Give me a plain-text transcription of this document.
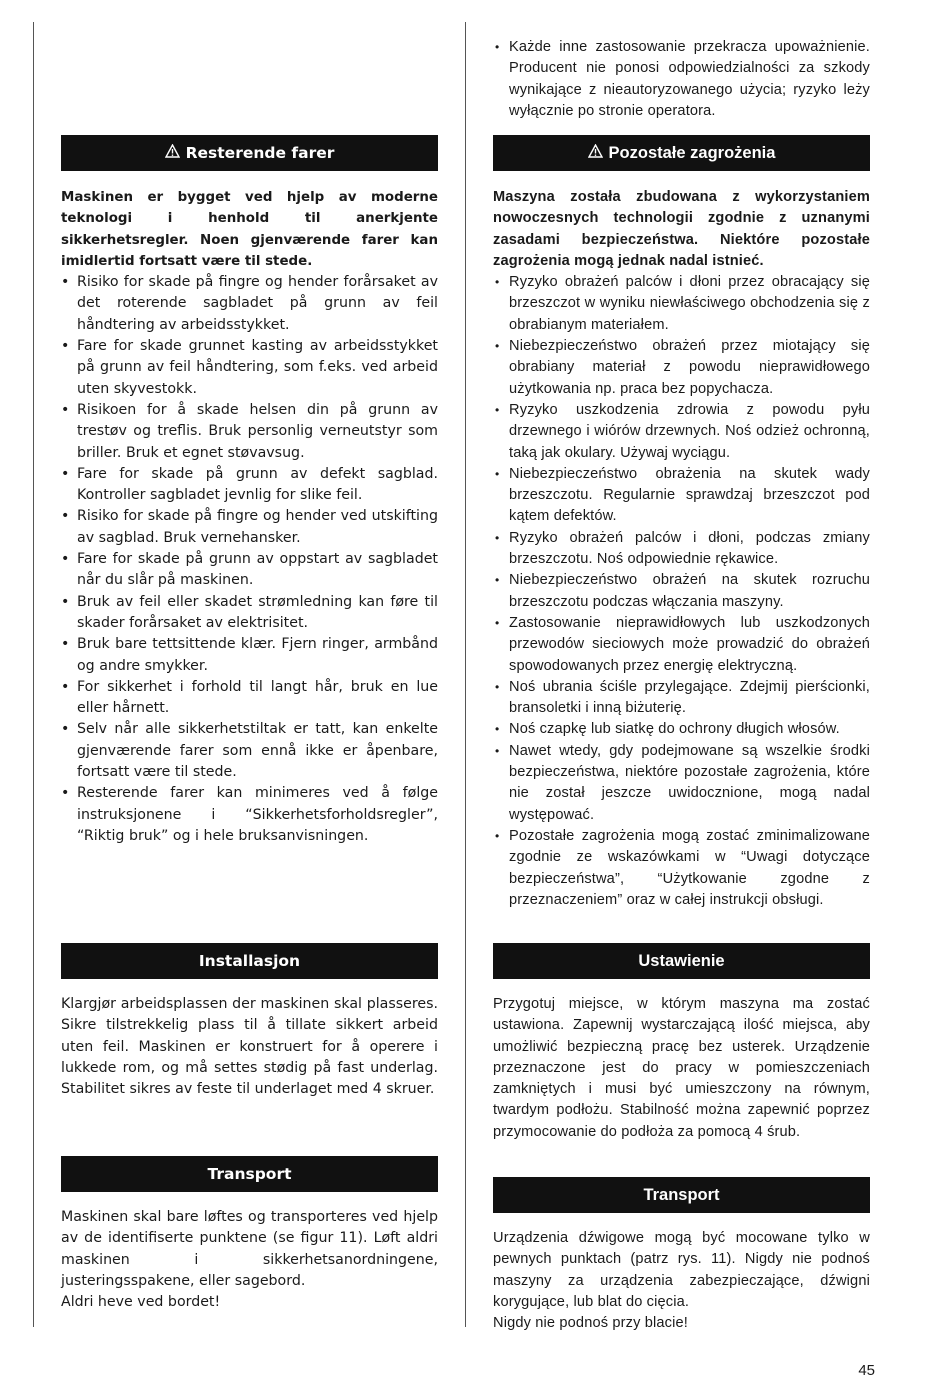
Resterende farer
Maskinen er bygget ved hjelp av moderne teknologi i henhold til anerkjente sikkerhetsregler. Noen gjenværende farer kan imidlertid fortsatt være til stede.
• Risiko for skade på fingre og hender forårsaket av det roterende sagbladet på grunn av feil håndtering av arbeidsstykket.
• Fare for skade grunnet kasting av arbeidsstykket på grunn av feil håndtering, som f.eks. ved arbeid uten skyvestokk.
• Risikoen for å skade helsen din på grunn av trestøv og treflis. Bruk personlig verneutstyr som briller. Bruk et egnet støvavsug.
• Fare for skade på grunn av defekt sagblad. Kontroller sagbladet jevnlig for slike feil.
• Risiko for skade på fingre og hender ved utskifting av sagblad. Bruk vernehansker.
• Fare for skade på grunn av oppstart av sagbladet når du slår på maskinen.
• Bruk av feil eller skadet strømledning kan føre til skader forårsaket av elektrisitet.
• Bruk bare tettsittende klær. Fjern ringer, armbånd og andre smykker.
• For sikkerhet i forhold til langt hår, bruk en lue eller hårnett.
• Selv når alle sikkerhetstiltak er tatt, kan enkelte gjenværende farer som ennå ikke er åpenbare, fortsatt være til stede.
• Resterende farer kan minimeres ved å følge instruksjonene i “Sikkerhetsforholdsregler”, “Riktig bruk” og i hele bruksanvisningen.
Installasjon
Klargjør arbeidsplassen der maskinen skal plasseres. Sikre tilstrekkelig plass til å tillate sikkert arbeid uten feil. Maskinen er konstruert for å operere i lukkede rom, og må settes stødig på fast underlag. Stabilitet sikres av feste til underlaget med 4 skruer.
Transport
Maskinen skal bare løftes og transporteres ved hjelp av de identifiserte punktene (se figur 11). Løft aldri maskinen i sikkerhetsanordningene, justeringsspakene, eller sagebord.
Aldri heve ved bordet!
• Każde inne zastosowanie przekracza upoważnienie. Producent nie ponosi odpowiedzialności za szkody wynikające z nieautoryzowanego użycia; ryzyko leży wyłącznie po stronie operatora.
Pozostałe zagrożenia
Maszyna została zbudowana z wykorzystaniem nowoczesnych technologii zgodnie z uznanymi zasadami bezpieczeństwa. Niektóre pozostałe zagrożenia mogą jednak nadal istnieć.
• Ryzyko obrażeń palców i dłoni przez obracający się brzeszczot w wyniku niewłaściwego obchodzenia się z obrabianym materiałem.
• Niebezpieczeństwo obrażeń przez miotający się obrabiany materiał z powodu nieprawidłowego użytkowania np. praca bez popychacza.
• Ryzyko uszkodzenia zdrowia z powodu pyłu drzewnego i wiórów drzewnych. Noś odzież ochronną, taką jak okulary. Używaj wyciągu.
• Niebezpieczeństwo obrażenia na skutek wady brzeszczotu. Regularnie sprawdzaj brzeszczot pod kątem defektów.
• Ryzyko obrażeń palców i dłoni, podczas zmiany brzeszczotu. Noś odpowiednie rękawice.
• Niebezpieczeństwo obrażeń na skutek rozruchu brzeszczotu podczas włączania maszyny.
• Zastosowanie nieprawidłowych lub uszkodzonych przewodów sieciowych może prowadzić do obrażeń spowodowanych przez energię elektryczną.
• Noś ubrania ściśle przylegające. Zdejmij pierścionki, bransoletki i inną biżuterię.
• Noś czapkę lub siatkę do ochrony długich włosów.
• Nawet wtedy, gdy podejmowane są wszelkie środki bezpieczeństwa, niektóre pozostałe zagrożenia, które nie został jeszcze uwidocznione, mogą nadal występować.
• Pozostałe zagrożenia mogą zostać zminimalizowane zgodnie ze wskazówkami w “Uwagi dotyczące bezpieczeństwa”, “Użytkowanie zgodne z przeznaczeniem” oraz w całej instrukcji obsługi.
Ustawienie
Przygotuj miejsce, w którym maszyna ma zostać ustawiona. Zapewnij wystarczającą ilość miejsca, aby umożliwić bezpieczną pracę bez usterek. Urządzenie przeznaczone jest do pracy w pomieszczeniach zamkniętych i musi być umieszczony na równym, twardym podłożu. Stabilność można zapewnić poprzez przymocowanie do podłoża za pomocą 4 śrub.
Transport
Urządzenia dźwigowe mogą być mocowane tylko w pewnych punktach (patrz rys. 11). Nigdy nie podnoś maszyny za urządzenia zabezpieczające, dźwigni korygujące, lub blat do cięcia.
Nigdy nie podnoś przy blacie!
45
